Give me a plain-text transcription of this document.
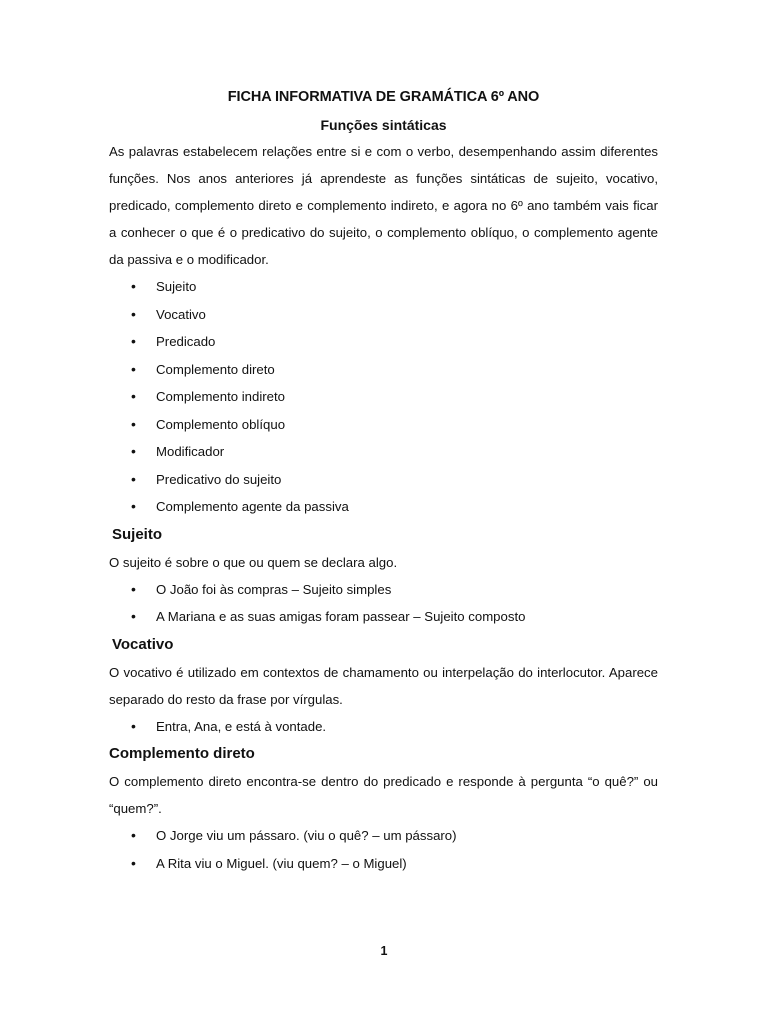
FICHA INFORMATIVA DE GRAMÁTICA 6º ANO
Funções sintáticas

As palavras estabelecem relações entre si e com o verbo, desempenhando assim diferentes funções. Nos anos anteriores já aprendeste as funções sintáticas de sujeito, vocativo, predicado, complemento direto e complemento indireto, e agora no 6º ano também vais ficar a conhecer o que é o predicativo do sujeito, o complemento oblíquo, o complemento agente da passiva e o modificador.

• Sujeito
• Vocativo
• Predicado
• Complemento direto
• Complemento indireto
• Complemento oblíquo
• Modificador
• Predicativo do sujeito
• Complemento agente da passiva
Sujeito

O sujeito é sobre o que ou quem se declara algo.

• O João foi às compras – Sujeito simples
• A Mariana e as suas amigas foram passear – Sujeito composto
Vocativo

O vocativo é utilizado em contextos de chamamento ou interpelação do interlocutor. Aparece separado do resto da frase por vírgulas.

• Entra, Ana, e está à vontade.
Complemento direto

O complemento direto encontra-se dentro do predicado e responde à pergunta “o quê?” ou “quem?”.

• O Jorge viu um pássaro. (viu o quê? – um pássaro)
• A Rita viu o Miguel. (viu quem? – o Miguel)
1
